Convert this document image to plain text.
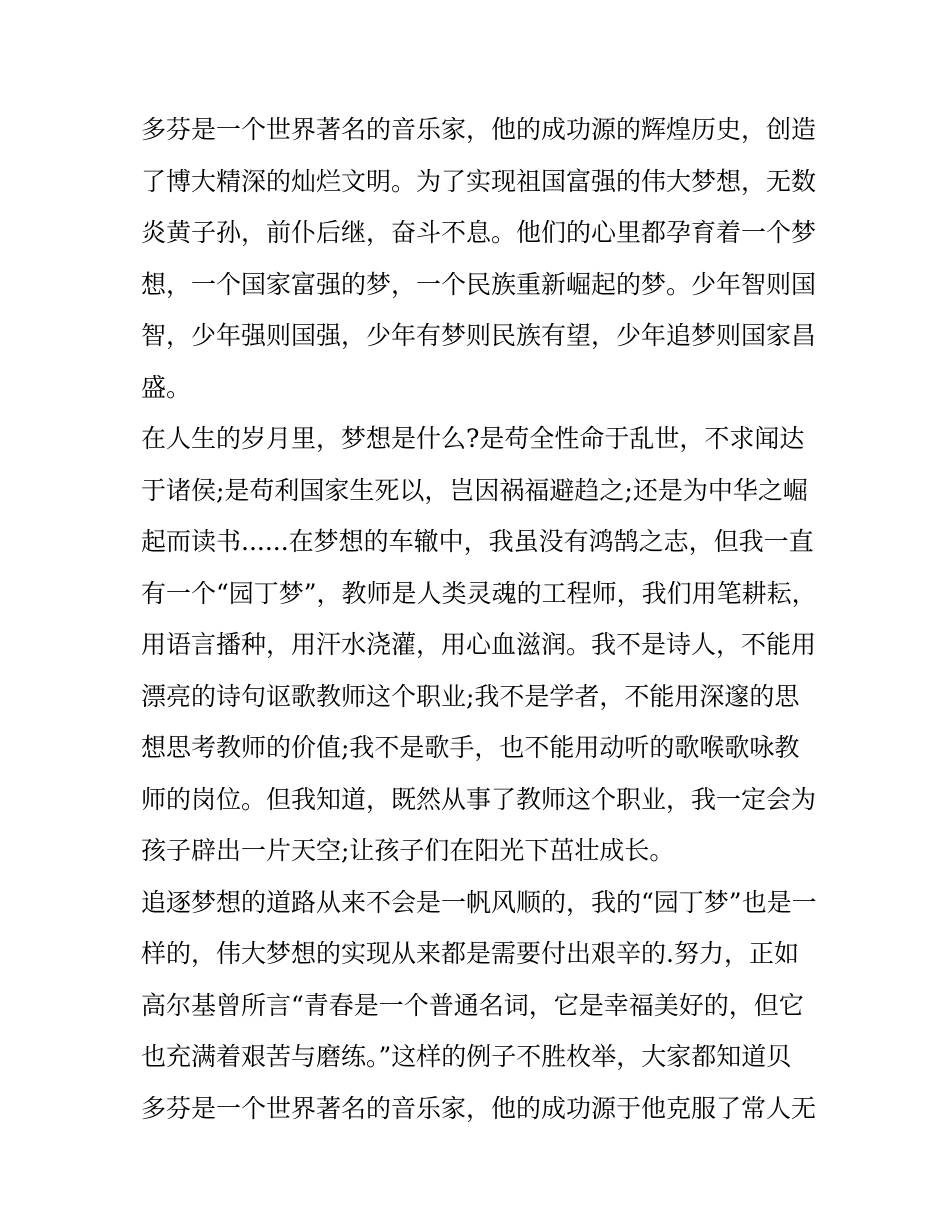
多芬是一个世界著名的音乐家，他的成功源的辉煌历史，创造
了博大精深的灿烂文明。为了实现祖国富强的伟大梦想，无数
炎黄子孙，前仆后继，奋斗不息。他们的心里都孕育着一个梦
想，一个国家富强的梦，一个民族重新崛起的梦。少年智则国
智，少年强则国强，少年有梦则民族有望，少年追梦则国家昌
盛。
在人生的岁月里，梦想是什么?是苟全性命于乱世，不求闻达
于诸侯;是苟利国家生死以，岂因祸福避趋之;还是为中华之崛
起而读书......在梦想的车辙中，我虽没有鸿鹄之志，但我一直
有一个“园丁梦”，教师是人类灵魂的工程师，我们用笔耕耘，
用语言播种，用汗水浇灌，用心血滋润。我不是诗人，不能用
漂亮的诗句讴歌教师这个职业;我不是学者，不能用深邃的思
想思考教师的价值;我不是歌手，也不能用动听的歌喉歌咏教
师的岗位。但我知道，既然从事了教师这个职业，我一定会为
孩子辟出一片天空;让孩子们在阳光下茁壮成长。
追逐梦想的道路从来不会是一帆风顺的，我的“园丁梦”也是一
样的，伟大梦想的实现从来都是需要付出艰辛的.努力，正如
高尔基曾所言“青春是一个普通名词，它是幸福美好的，但它
也充满着艰苦与磨练。”这样的例子不胜枚举，大家都知道贝
多芬是一个世界著名的音乐家，他的成功源于他克服了常人无
